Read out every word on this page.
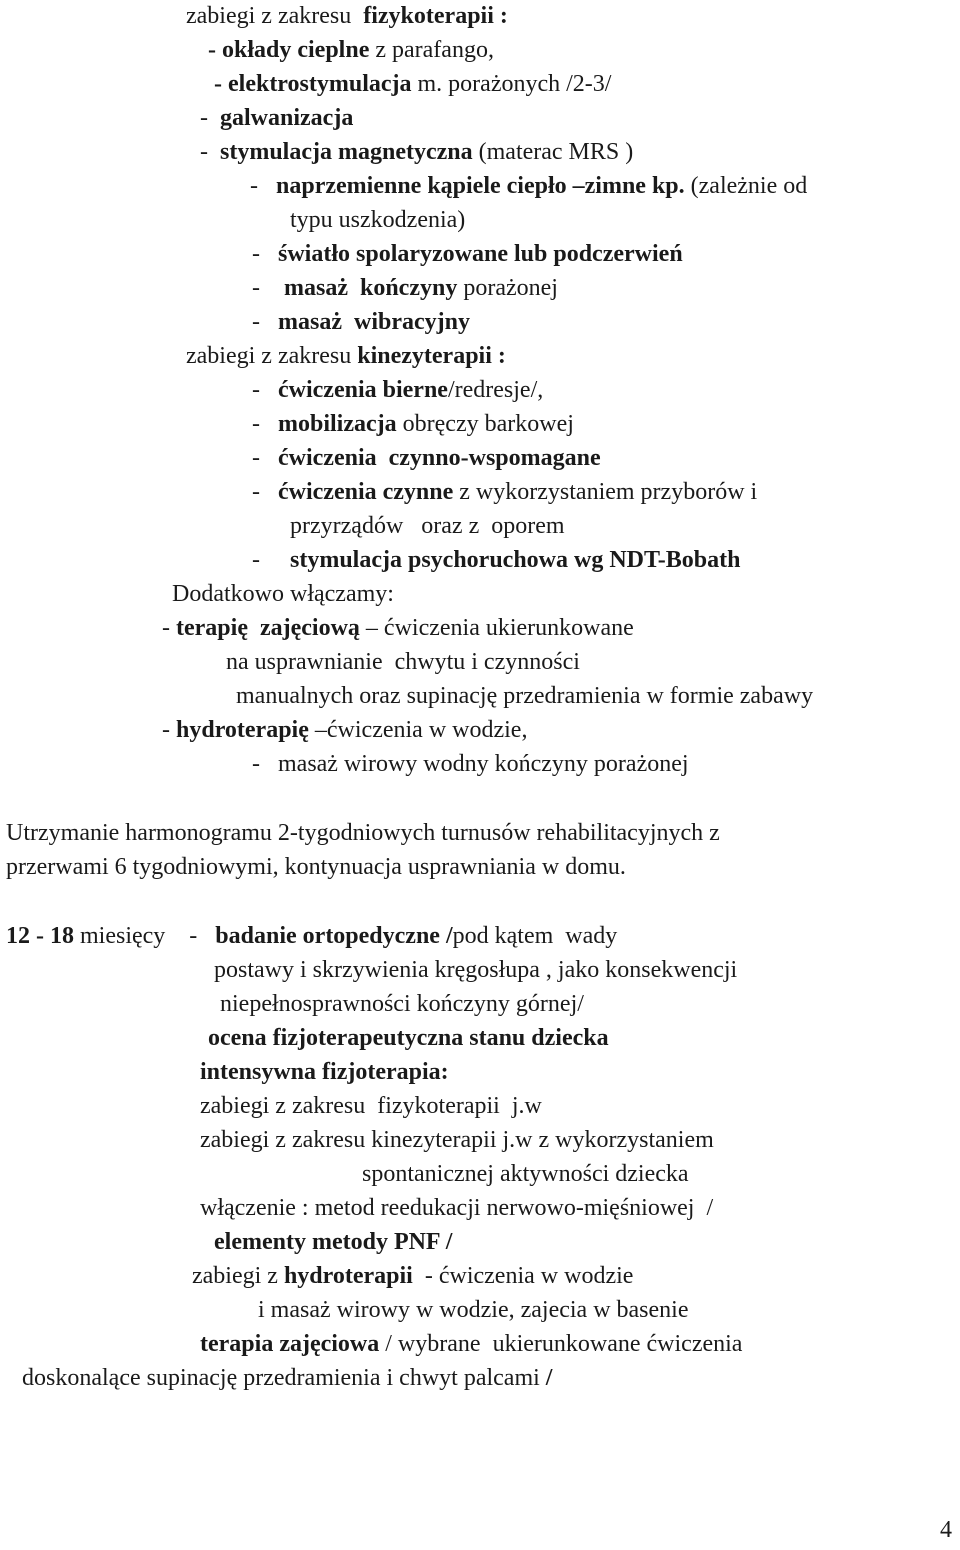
zabiegi z zakresu  fizykoterapii :
- okłady cieplne z parafango,
- elektrostymulacja m. porażonych /2-3/
-  galwanizacja
-  stymulacja magnetyczna (materac MRS )
-   naprzemienne kąpiele ciepło –zimne kp. (zależnie od
typu uszkodzenia)
-   światło spolaryzowane lub podczerwień
-    masaż  kończyny porażonej
-   masaż  wibracyjny
zabiegi z zakresu kinezyterapii :
-   ćwiczenia bierne/redresje/,
-   mobilizacja obręczy barkowej
-   ćwiczenia  czynno-wspomagane
-   ćwiczenia czynne z wykorzystaniem przyborów i
przyrządów   oraz z  oporem
-     stymulacja psychoruchowa wg NDT-Bobath
Dodatkowo włączamy:
- terapię  zajęciową – ćwiczenia ukierunkowane
na usprawnianie  chwytu i czynności
manualnych oraz supinację przedramienia w formie zabawy
- hydroterapię –ćwiczenia w wodzie,
-   masaż wirowy wodny kończyny porażonej
Utrzymanie harmonogramu 2-tygodniowych turnusów rehabilitacyjnych z
przerwami 6 tygodniowymi, kontynuacja usprawniania w domu.
12 - 18 miesięcy    -   badanie ortopedyczne /pod kątem  wady
postawy i skrzywienia kręgosłupa , jako konsekwencji
niepełnosprawności kończyny górnej/
ocena fizjoterapeutyczna stanu dziecka
intensywna fizjoterapia:
zabiegi z zakresu  fizykoterapii  j.w
zabiegi z zakresu kinezyterapii j.w z wykorzystaniem
spontanicznej aktywności dziecka
włączenie : metod reedukacji nerwowo-mięśniowej  /
elementy metody PNF /
zabiegi z hydroterapii  - ćwiczenia w wodzie
i masaż wirowy w wodzie, zajecia w basenie
terapia zajęciowa / wybrane  ukierunkowane ćwiczenia
doskonalące supinację przedramienia i chwyt palcami /
4
